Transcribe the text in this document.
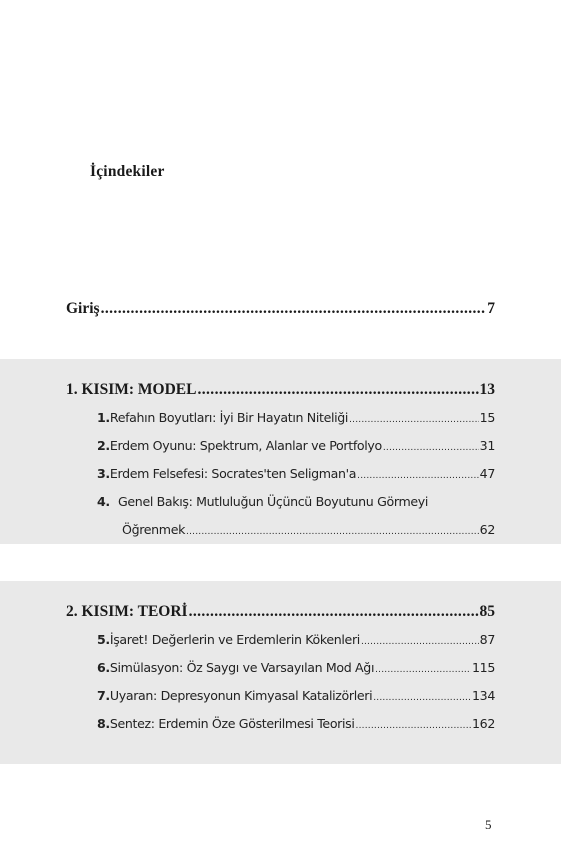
İçindekiler
Giriş .....	7
1. KISIM: MODEL .....	13
1. Refahın Boyutları: İyi Bir Hayatın Niteliği .....	15
2. Erdem Oyunu: Spektrum, Alanlar ve Portfolyo .....	31
3. Erdem Felsefesi: Socrates'ten Seligman'a .....	47
4. Genel Bakış: Mutluluğun Üçüncü Boyutunu Görmeyi
Öğrenmek .....	62
2. KISIM: TEORİ .....	85
5. İşaret! Değerlerin ve Erdemlerin Kökenleri .....	87
6. Simülasyon: Öz Saygı ve Varsayılan Mod Ağı .....	115
7. Uyaran: Depresyonun Kimyasal Katalizörleri .....	134
8. Sentez: Erdemin Öze Gösterilmesi Teorisi .....	162
5
